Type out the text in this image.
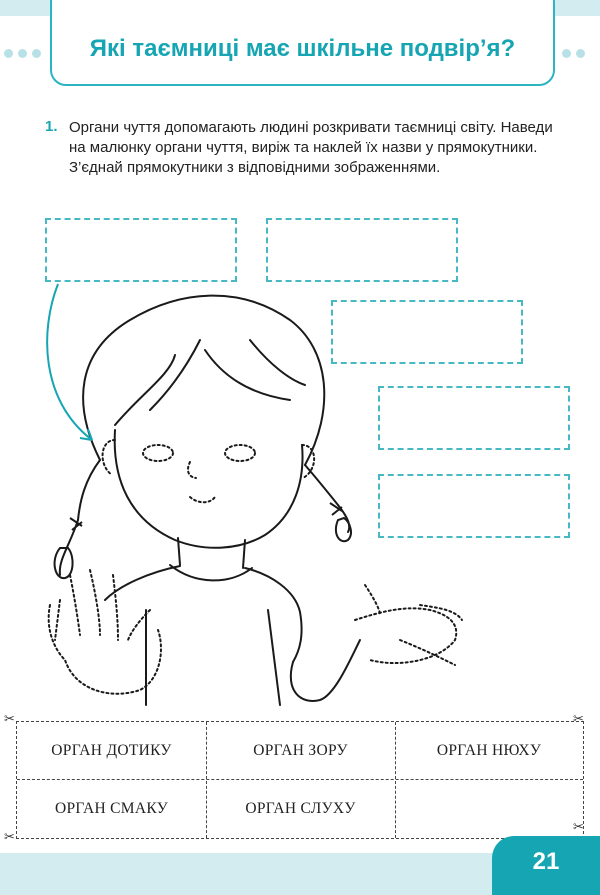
Які таємниці має шкільне подвір’я?
1. Органи чуття допомагають людині розкривати таємниці світу. Наведи на малюнку органи чуття, виріж та наклей їх назви у прямокутники. З’єднай прямокутники з відповідними зображеннями.
ОРГАН ДОТИКУ	ОРГАН ЗОРУ	ОРГАН НЮХУ
ОРГАН СМАКУ	ОРГАН СЛУХУ
✂	✂
✂
✂
21
